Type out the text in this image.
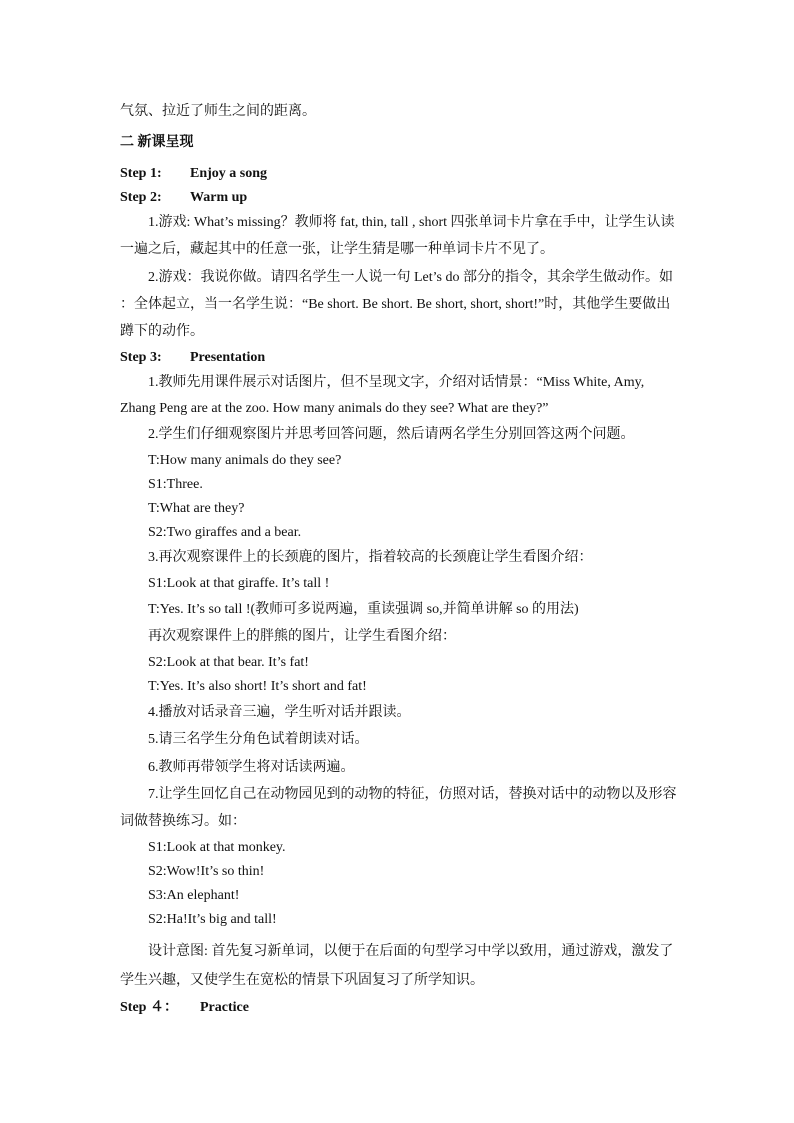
气氛、拉近了师生之间的距离。
二 新课呈现
Step 1: Enjoy a song
Step 2: Warm up
1.游戏: What’s missing？教师将 fat, thin, tall , short 四张单词卡片拿在手中，让学生认读
一遍之后，藏起其中的任意一张，让学生猜是哪一种单词卡片不见了。
2.游戏：我说你做。请四名学生一人说一句 Let’s do 部分的指令，其余学生做动作。如
：全体起立，当一名学生说：“Be short. Be short. Be short, short, short!”时，其他学生要做出
蹲下的动作。
Step 3: Presentation
1.教师先用课件展示对话图片，但不呈现文字，介绍对话情景：“Miss White, Amy,
Zhang Peng are at the zoo. How many animals do they see? What are they?”
2.学生们仔细观察图片并思考回答问题，然后请两名学生分别回答这两个问题。
T:How many animals do they see?
S1:Three.
T:What are they?
S2:Two giraffes and a bear.
3.再次观察课件上的长颈鹿的图片，指着较高的长颈鹿让学生看图介绍：
S1:Look at that giraffe. It’s tall !
T:Yes. It’s so tall !(教师可多说两遍，重读强调 so,并简单讲解 so 的用法)
再次观察课件上的胖熊的图片，让学生看图介绍：
S2:Look at that bear. It’s fat!
T:Yes. It’s also short! It’s short and fat!
4.播放对话录音三遍，学生听对话并跟读。
5.请三名学生分角色试着朗读对话。
6.教师再带领学生将对话读两遍。
7.让学生回忆自己在动物园见到的动物的特征，仿照对话，替换对话中的动物以及形容
词做替换练习。如：
S1:Look at that monkey.
S2:Wow!It’s so thin!
S3:An elephant!
S2:Ha!It’s big and tall!
设计意图: 首先复习新单词，以便于在后面的句型学习中学以致用，通过游戏，激发了
学生兴趣，又使学生在宽松的情景下巩固复习了所学知识。
Step ４： Practice
